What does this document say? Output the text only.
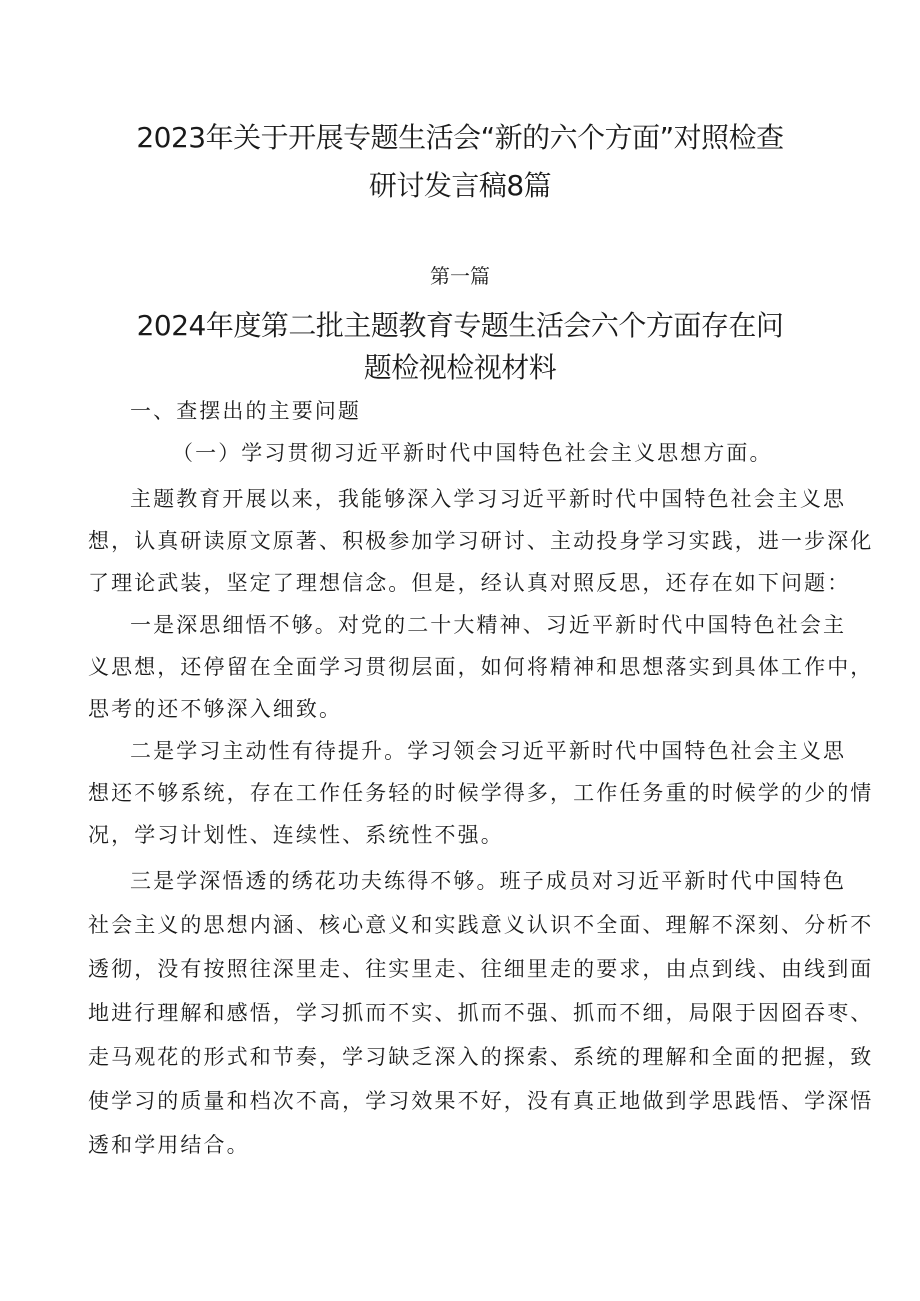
2023年关于开展专题生活会“新的六个方面”对照检查
研讨发言稿8篇

第一篇

2024年度第二批主题教育专题生活会六个方面存在问
题检视检视材料

一、查摆出的主要问题

（一）学习贯彻习近平新时代中国特色社会主义思想方面。

主题教育开展以来，我能够深入学习习近平新时代中国特色社会主义思

想，认真研读原文原著、积极参加学习研讨、主动投身学习实践，进一步深化

了理论武装，坚定了理想信念。但是，经认真对照反思，还存在如下问题：

一是深思细悟不够。对党的二十大精神、习近平新时代中国特色社会主

义思想，还停留在全面学习贯彻层面，如何将精神和思想落实到具体工作中，

思考的还不够深入细致。

二是学习主动性有待提升。学习领会习近平新时代中国特色社会主义思

想还不够系统，存在工作任务轻的时候学得多，工作任务重的时候学的少的情

况，学习计划性、连续性、系统性不强。

三是学深悟透的绣花功夫练得不够。班子成员对习近平新时代中国特色

社会主义的思想内涵、核心意义和实践意义认识不全面、理解不深刻、分析不

透彻，没有按照往深里走、往实里走、往细里走的要求，由点到线、由线到面

地进行理解和感悟，学习抓而不实、抓而不强、抓而不细，局限于因囵吞枣、

走马观花的形式和节奏，学习缺乏深入的探索、系统的理解和全面的把握，致

使学习的质量和档次不高，学习效果不好，没有真正地做到学思践悟、学深悟

透和学用结合。
